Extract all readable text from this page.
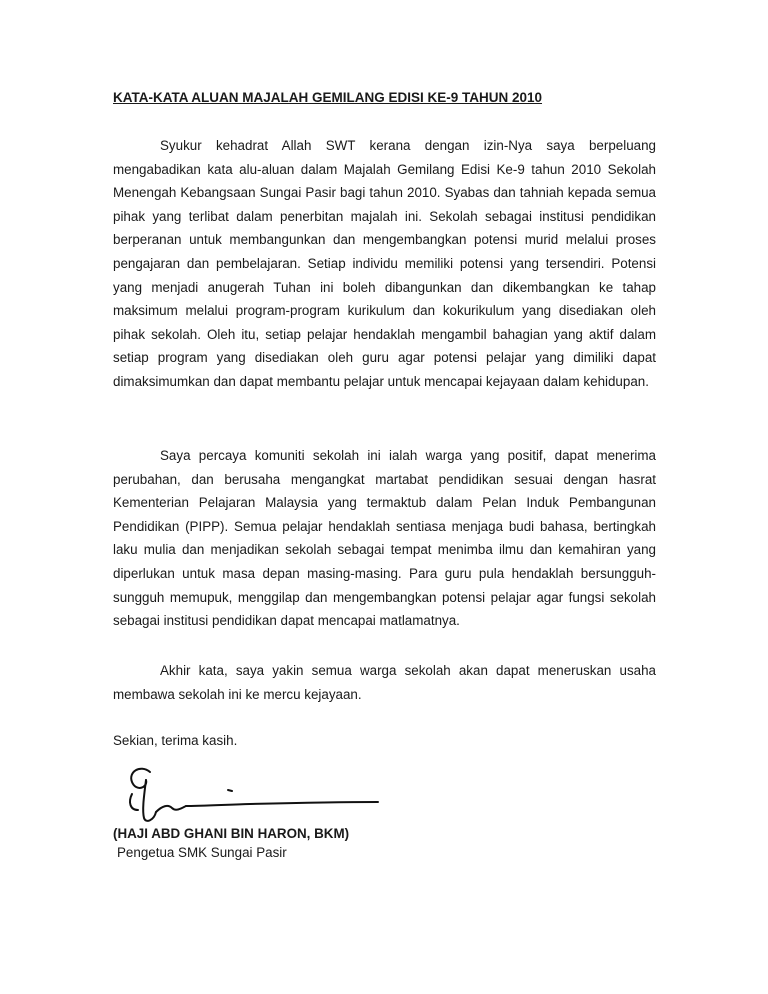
KATA-KATA ALUAN MAJALAH GEMILANG EDISI KE-9 TAHUN 2010

Syukur kehadrat Allah SWT kerana dengan izin-Nya saya berpeluang mengabadikan kata alu-aluan dalam Majalah Gemilang Edisi Ke-9 tahun 2010 Sekolah Menengah Kebangsaan Sungai Pasir bagi tahun 2010. Syabas dan tahniah kepada semua pihak yang terlibat dalam penerbitan majalah ini. Sekolah sebagai institusi pendidikan berperanan untuk membangunkan dan mengembangkan potensi murid melalui proses pengajaran dan pembelajaran. Setiap individu memiliki potensi yang tersendiri. Potensi yang menjadi anugerah Tuhan ini boleh dibangunkan dan dikembangkan ke tahap maksimum melalui program-program kurikulum dan kokurikulum yang disediakan oleh pihak sekolah. Oleh itu, setiap pelajar hendaklah mengambil bahagian yang aktif dalam setiap program yang disediakan oleh guru agar potensi pelajar yang dimiliki dapat dimaksimumkan dan dapat membantu pelajar untuk mencapai kejayaan dalam kehidupan.

Saya percaya komuniti sekolah ini ialah warga yang positif, dapat menerima perubahan, dan berusaha mengangkat martabat pendidikan sesuai dengan hasrat Kementerian Pelajaran Malaysia yang termaktub dalam Pelan Induk Pembangunan Pendidikan (PIPP). Semua pelajar hendaklah sentiasa menjaga budi bahasa, bertingkah laku mulia dan menjadikan sekolah sebagai tempat menimba ilmu dan kemahiran yang diperlukan untuk masa depan masing-masing. Para guru pula hendaklah bersungguh-sungguh memupuk, menggilap dan mengembangkan potensi pelajar agar fungsi sekolah sebagai institusi pendidikan dapat mencapai matlamatnya.

Akhir kata, saya yakin semua warga sekolah akan dapat meneruskan usaha membawa sekolah ini ke mercu kejayaan.

Sekian, terima kasih.
(HAJI ABD GHANI BIN HARON, BKM)
Pengetua SMK Sungai Pasir
